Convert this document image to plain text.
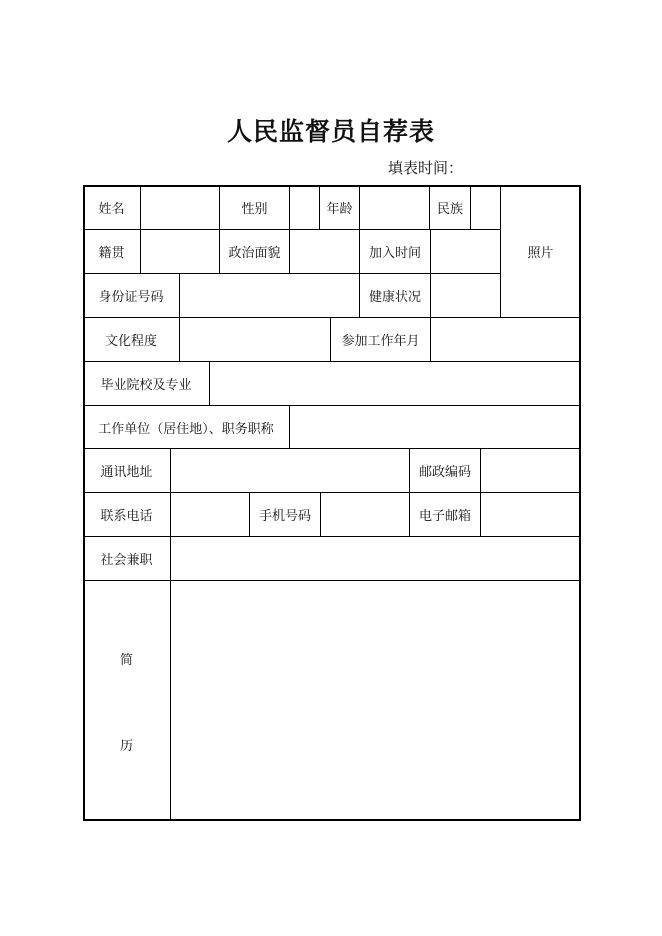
人民监督员自荐表
填表时间：
姓名	性别	年龄	民族
照片
籍贯	政治面貌	加入时间
身份证号码	健康状况
文化程度	参加工作年月
毕业院校及专业
工作单位（居住地）、职务职称
通讯地址	邮政编码
联系电话	手机号码	电子邮箱
社会兼职
简
历
